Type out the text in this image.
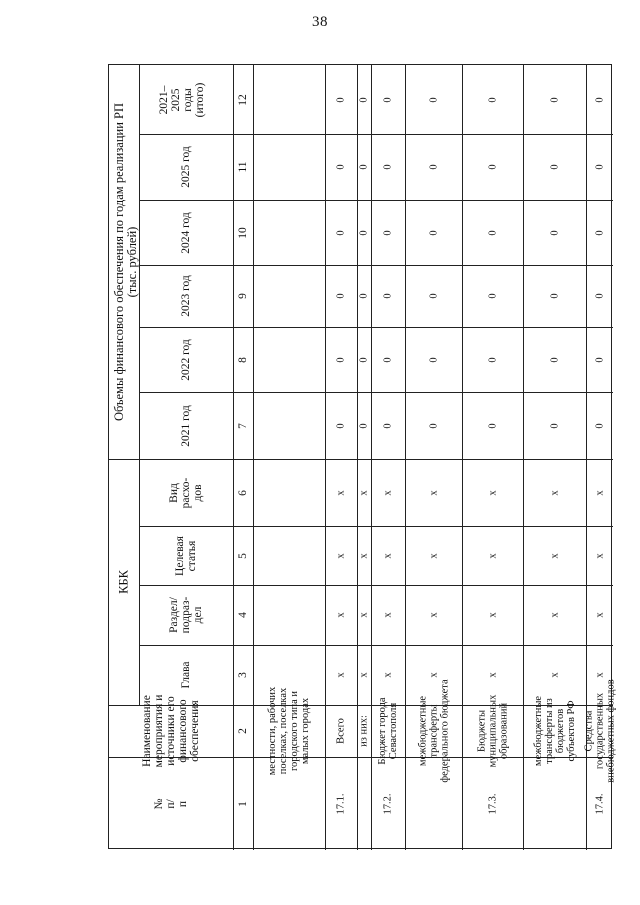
38
№
п/п
Наименование
мероприятия и
источники его
финансового
обеспечения
КБК
Объемы финансового обеспечения по годам реализации РП
(тыс. рублей)
Глава
Раздел/
подраз-
дел
Целевая
статья
Вид
расхо-
дов
2021 год
2022 год
2023 год
2024 год
2025 год
2021–
2025
годы
(итого)
1
2
3
4
5
6
7
8
9
10
11
12
местности, рабочих
поселках, поселках
городского типа и
малых городах
17.1.
Всего
х
х
х
х
0
0
0
0
0
0
из них:
х
х
х
х
0
0
0
0
0
0
17.2.
Бюджет города
Севастополя
х
х
х
х
0
0
0
0
0
0
межбюджетные
трансферты
федерального бюджета
х
х
х
х
0
0
0
0
0
0
17.3.
Бюджеты
муниципальных
образований
х
х
х
х
0
0
0
0
0
0
межбюджетные
трансферты из
бюджетов
субъектов РФ
х
х
х
х
0
0
0
0
0
0
17.4.
Средства
государственных
внебюджетных фондов
х
х
х
х
0
0
0
0
0
0
